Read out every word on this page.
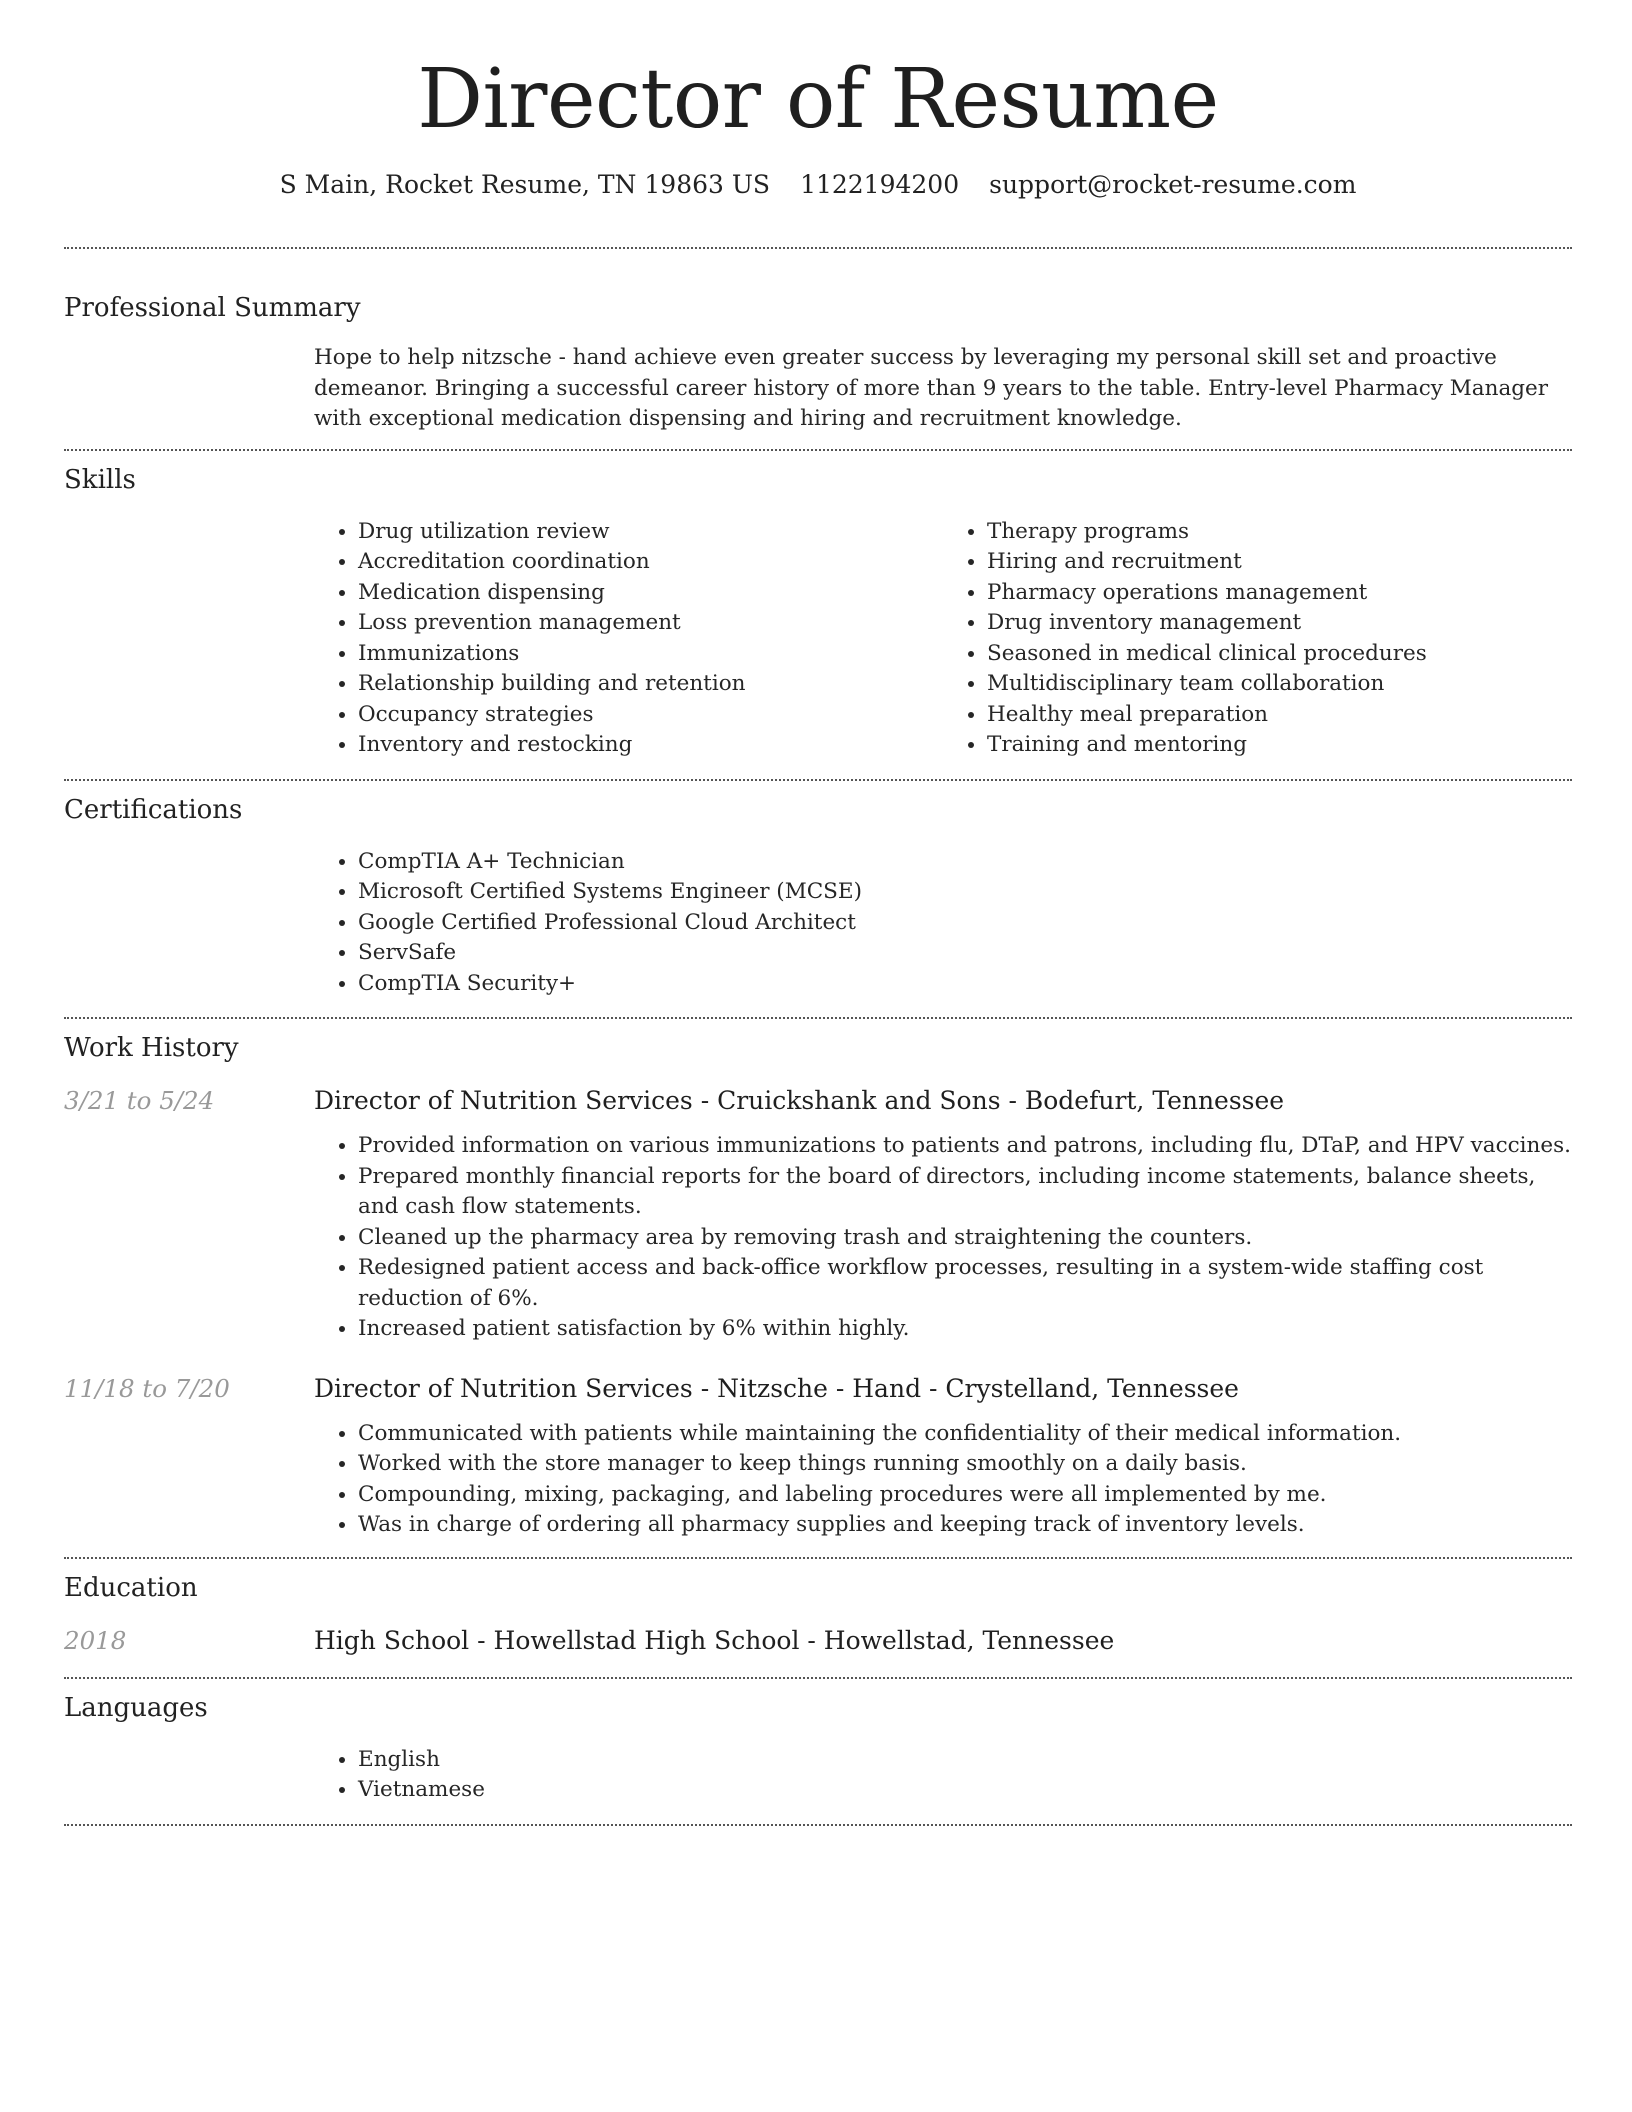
Director of Resume
S Main, Rocket Resume, TN 19863 US 1122194200 support@rocket-resume.com
Professional Summary

Hope to help nitzsche - hand achieve even greater success by leveraging my personal skill set and proactive demeanor. Bringing a successful career history of more than 9 years to the table. Entry-level Pharmacy Manager with exceptional medication dispensing and hiring and recruitment knowledge.

Skills
• Drug utilization review
• Accreditation coordination
• Medication dispensing
• Loss prevention management
• Immunizations
• Relationship building and retention
• Occupancy strategies
• Inventory and restocking
• Therapy programs
• Hiring and recruitment
• Pharmacy operations management
• Drug inventory management
• Seasoned in medical clinical procedures
• Multidisciplinary team collaboration
• Healthy meal preparation
• Training and mentoring
Certifications
• CompTIA A+ Technician
• Microsoft Certified Systems Engineer (MCSE)
• Google Certified Professional Cloud Architect
• ServSafe
• CompTIA Security+
Work History
3/21 to 5/24	Director of Nutrition Services - Cruickshank and Sons - Bodefurt, Tennessee
• Provided information on various immunizations to patients and patrons, including flu, DTaP, and HPV vaccines.
• Prepared monthly financial reports for the board of directors, including income statements, balance sheets, and cash flow statements.
• Cleaned up the pharmacy area by removing trash and straightening the counters.
• Redesigned patient access and back-office workflow processes, resulting in a system-wide staffing cost reduction of 6%.
• Increased patient satisfaction by 6% within highly.
11/18 to 7/20	Director of Nutrition Services - Nitzsche - Hand - Crystelland, Tennessee
• Communicated with patients while maintaining the confidentiality of their medical information.
• Worked with the store manager to keep things running smoothly on a daily basis.
• Compounding, mixing, packaging, and labeling procedures were all implemented by me.
• Was in charge of ordering all pharmacy supplies and keeping track of inventory levels.
Education
2018	High School - Howellstad High School - Howellstad, Tennessee
Languages
• English
• Vietnamese
